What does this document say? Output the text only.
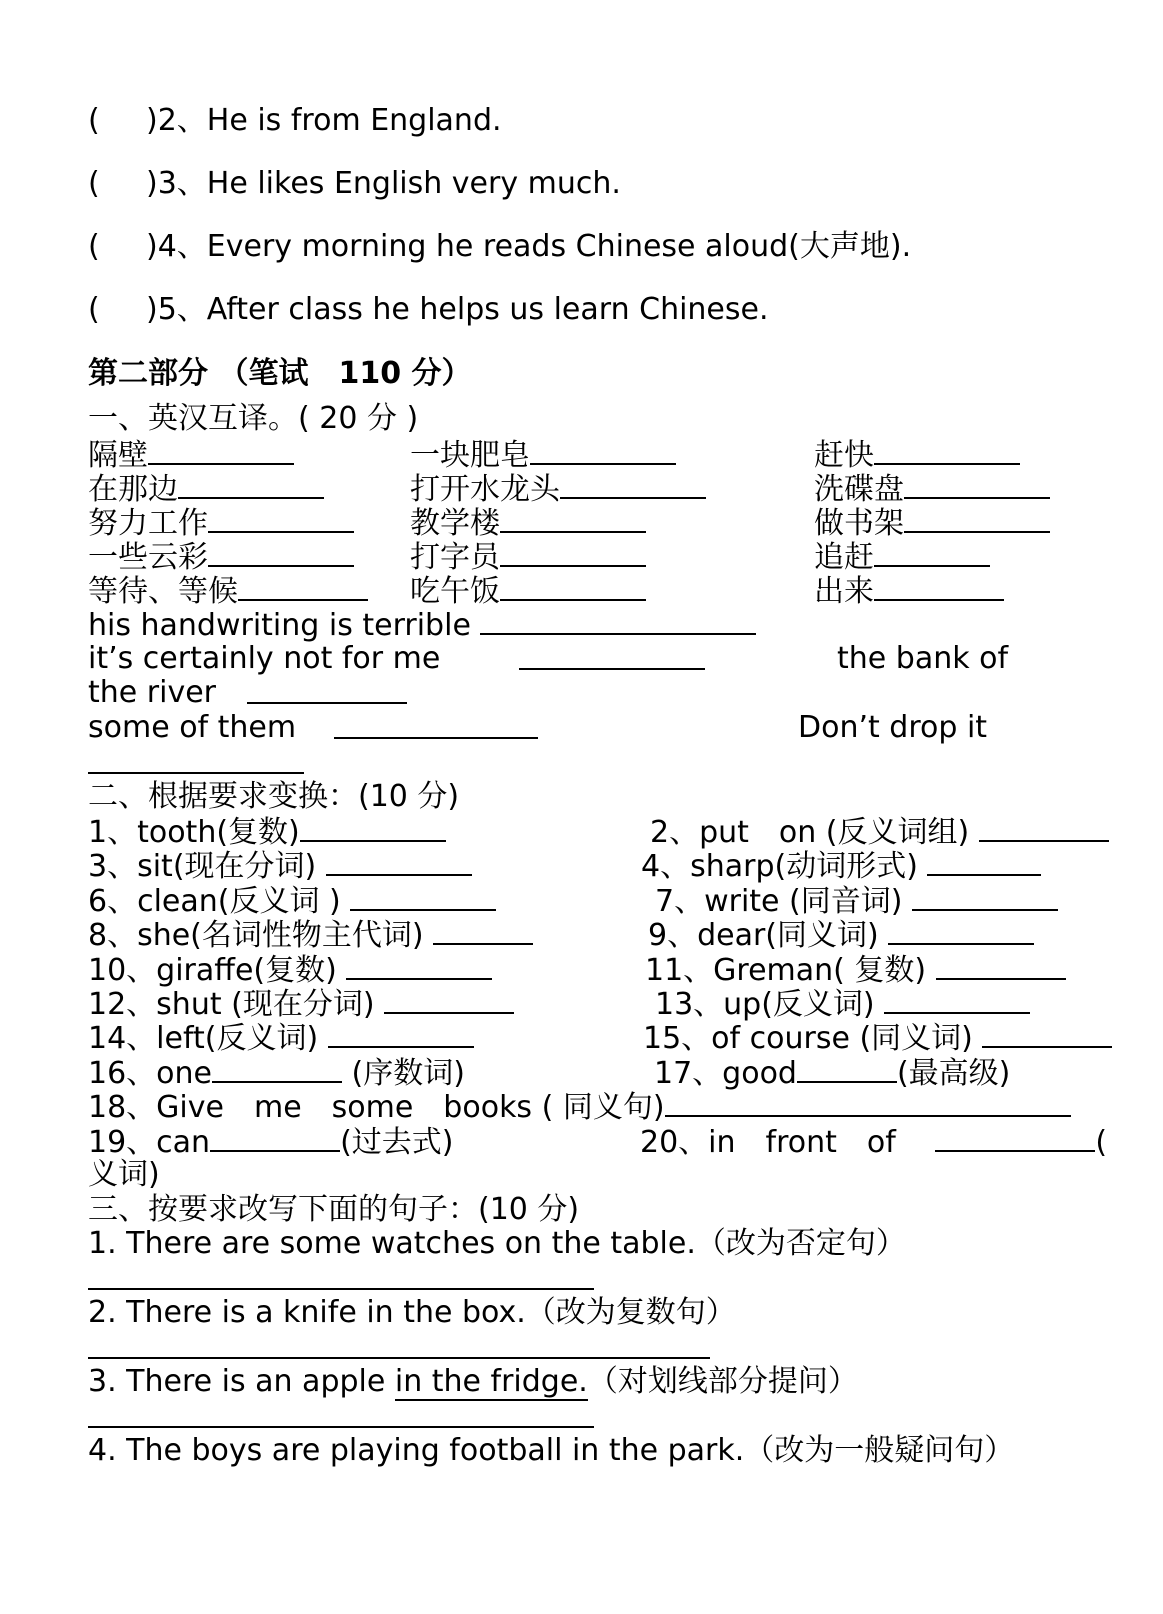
( )2、He is from England.
( )3、He likes English very much.
( )4、Every morning he reads Chinese aloud(大声地).
( )5、After class he helps us learn Chinese.
第二部分 （笔试　110 分）
一、英汉互译。( 20 分 )
隔壁	一块肥皂	赶快
在那边	打开水龙头	洗碟盘
努力工作	教学楼	做书架
一些云彩	打字员	追赶
等待、等候	吃午饭	出来
his handwriting is terrible
it’s certainly not for me	the bank of
the river
some of them	Don’t drop it
二、根据要求变换：(10 分)
1、tooth(复数)	2、put　on (反义词组)
3、sit(现在分词)	4、sharp(动词形式)
6、clean(反义词 )	7、write (同音词)
8、she(名词性物主代词)	9、dear(同义词)
10、giraffe(复数)	11、Greman( 复数)
12、shut (现在分词)	13、up(反义词)
14、left(反义词)	15、of course (同义词)
16、one	(序数词)	17、good	(最高级)
18、Give　me　some　books ( 同义句)
19、can	(过去式)	20、in　front　of　	(
义词)
三、按要求改写下面的句子：(10 分)
1. There are some watches on the table.（改为否定句）
2. There is a knife in the box.（改为复数句）
3. There is an apple in the fridge.（对划线部分提问）
4. The boys are playing football in the park.（改为一般疑问句）
